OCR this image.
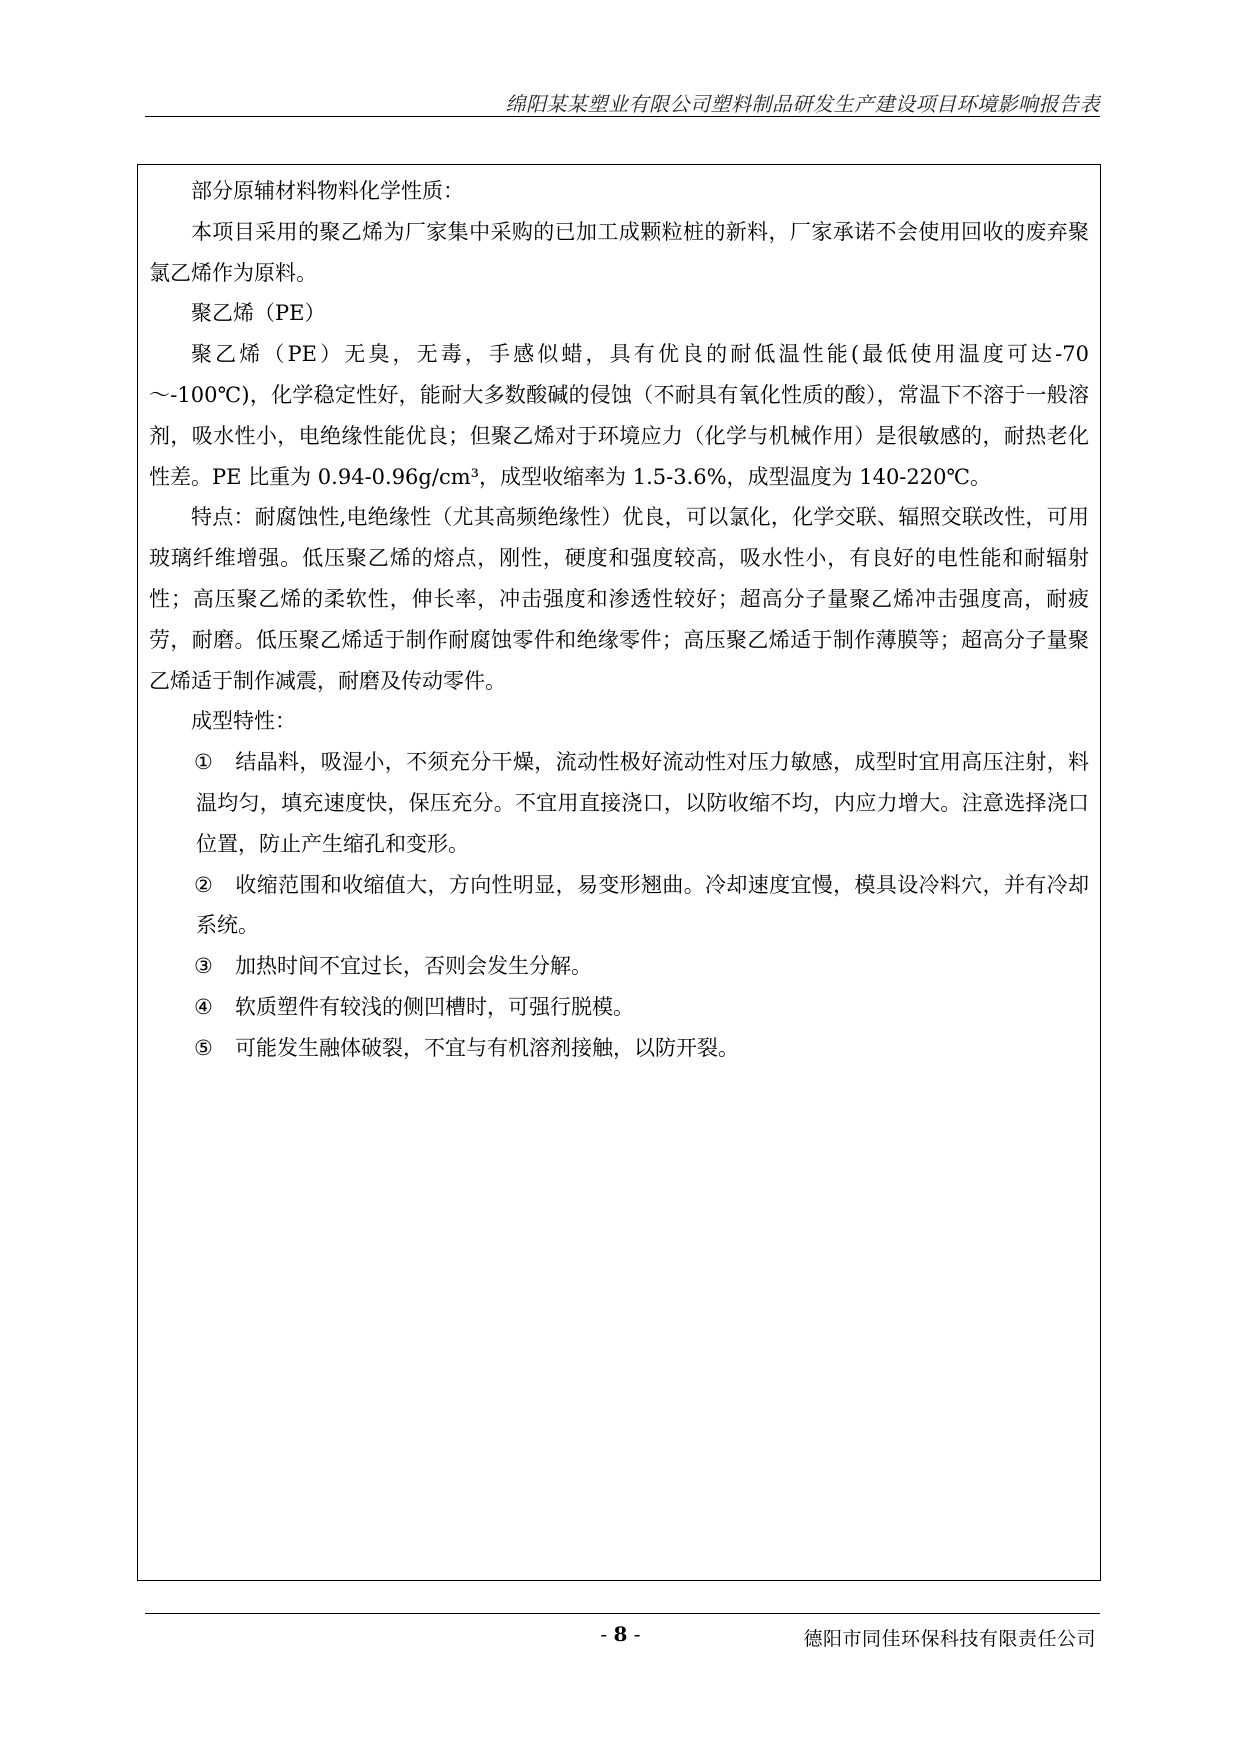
绵阳某某塑业有限公司塑料制品研发生产建设项目环境影响报告表

部分原辅材料物料化学性质：

本项目采用的聚乙烯为厂家集中采购的已加工成颗粒桩的新料，厂家承诺不会使用回收的废弃聚氯乙烯作为原料。

聚乙烯（PE）

聚乙烯（PE）无臭，无毒，手感似蜡，具有优良的耐低温性能(最低使用温度可达-70～-100℃)，化学稳定性好，能耐大多数酸碱的侵蚀（不耐具有氧化性质的酸），常温下不溶于一般溶剂，吸水性小，电绝缘性能优良；但聚乙烯对于环境应力（化学与机械作用）是很敏感的，耐热老化性差。PE 比重为 0.94-0.96g/cm³，成型收缩率为 1.5-3.6%，成型温度为 140-220℃。

特点：耐腐蚀性,电绝缘性（尤其高频绝缘性）优良，可以氯化，化学交联、辐照交联改性，可用玻璃纤维增强。低压聚乙烯的熔点，刚性，硬度和强度较高，吸水性小，有良好的电性能和耐辐射性；高压聚乙烯的柔软性，伸长率，冲击强度和渗透性较好；超高分子量聚乙烯冲击强度高，耐疲劳，耐磨。低压聚乙烯适于制作耐腐蚀零件和绝缘零件；高压聚乙烯适于制作薄膜等；超高分子量聚乙烯适于制作减震，耐磨及传动零件。

成型特性：

① 结晶料，吸湿小，不须充分干燥，流动性极好流动性对压力敏感，成型时宜用高压注射，料温均匀，填充速度快，保压充分。不宜用直接浇口，以防收缩不均，内应力增大。注意选择浇口位置，防止产生缩孔和变形。
② 收缩范围和收缩值大，方向性明显，易变形翘曲。冷却速度宜慢，模具设冷料穴，并有冷却系统。
③ 加热时间不宜过长，否则会发生分解。
④ 软质塑件有较浅的侧凹槽时，可强行脱模。
⑤ 可能发生融体破裂，不宜与有机溶剂接触，以防开裂。
- 8 -	德阳市同佳环保科技有限责任公司
